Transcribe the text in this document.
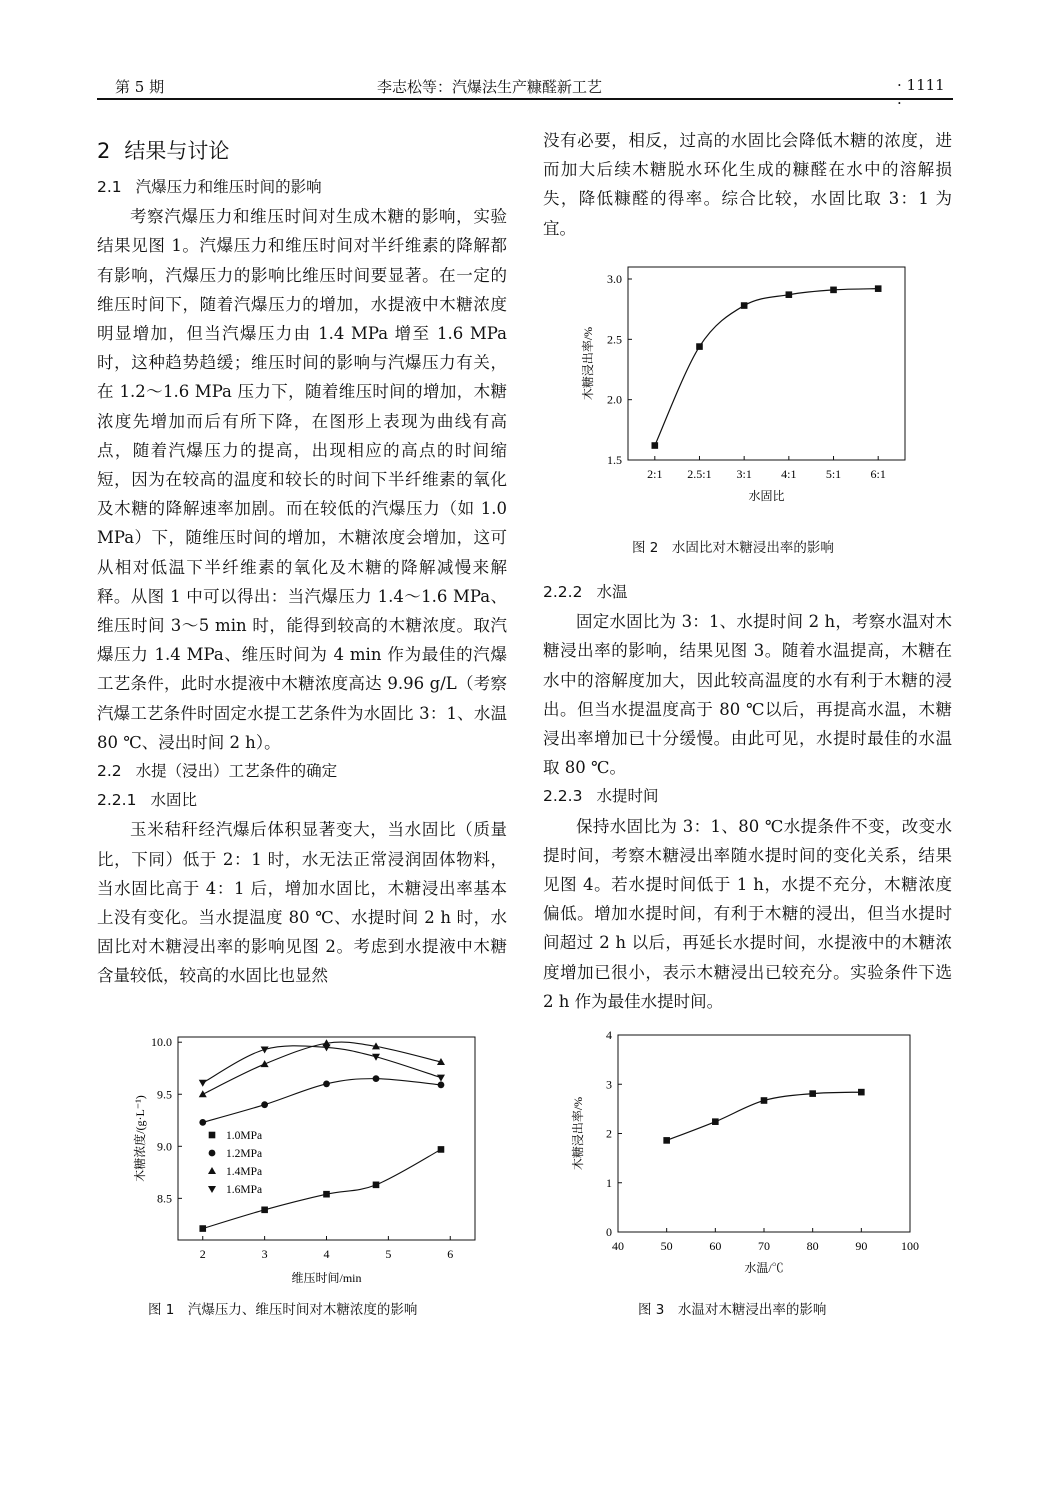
第 5 期	李志松等：汽爆法生产糠醛新工艺	· 1111 ·

2 结果与讨论

2.1 汽爆压力和维压时间的影响

考察汽爆压力和维压时间对生成木糖的影响，实验结果见图 1。汽爆压力和维压时间对半纤维素的降解都有影响，汽爆压力的影响比维压时间要显著。在一定的维压时间下，随着汽爆压力的增加，水提液中木糖浓度明显增加，但当汽爆压力由 1.4 MPa 增至 1.6 MPa 时，这种趋势趋缓；维压时间的影响与汽爆压力有关，在 1.2～1.6 MPa 压力下，随着维压时间的增加，木糖浓度先增加而后有所下降，在图形上表现为曲线有高点，随着汽爆压力的提高，出现相应的高点的时间缩短，因为在较高的温度和较长的时间下半纤维素的氧化及木糖的降解速率加剧。而在较低的汽爆压力（如 1.0 MPa）下，随维压时间的增加，木糖浓度会增加，这可从相对低温下半纤维素的氧化及木糖的降解减慢来解释。从图 1 中可以得出：当汽爆压力 1.4～1.6 MPa、维压时间 3～5 min 时，能得到较高的木糖浓度。取汽爆压力 1.4 MPa、维压时间为 4 min 作为最佳的汽爆工艺条件，此时水提液中木糖浓度高达 9.96 g/L（考察汽爆工艺条件时固定水提工艺条件为水固比 3：1、水温 80 ℃、浸出时间 2 h）。

2.2 水提（浸出）工艺条件的确定

2.2.1 水固比

玉米秸秆经汽爆后体积显著变大，当水固比（质量比，下同）低于 2：1 时，水无法正常浸润固体物料，当水固比高于 4：1 后，增加水固比，木糖浸出率基本上没有变化。当水提温度 80 ℃、水提时间 2 h 时，水固比对木糖浸出率的影响见图 2。考虑到水提液中木糖含量较低，较高的水固比也显然

没有必要，相反，过高的水固比会降低木糖的浓度，进而加大后续木糖脱水环化生成的糠醛在水中的溶解损失，降低糠醛的得率。综合比较，水固比取 3：1 为宜。

2:1 2.5:1 3:1 4:1 5:1 6:1
1.5
2.0
2.5
3.0
水固比
木糖浸出率/%
图 2　水固比对木糖浸出率的影响

2.2.2 水温

固定水固比为 3：1、水提时间 2 h，考察水温对木糖浸出率的影响，结果见图 3。随着水温提高，木糖在水中的溶解度加大，因此较高温度的水有利于木糖的浸出。但当水提温度高于 80 ℃以后，再提高水温，木糖浸出率增加已十分缓慢。由此可见，水提时最佳的水温取 80 ℃。

2.2.3 水提时间

保持水固比为 3：1、80 ℃水提条件不变，改变水提时间，考察木糖浸出率随水提时间的变化关系，结果见图 4。若水提时间低于 1 h，水提不充分，木糖浓度偏低。增加水提时间，有利于木糖的浸出，但当水提时间超过 2 h 以后，再延长水提时间，水提液中的木糖浓度增加已很小，表示木糖浸出已较充分。实验条件下选 2 h 作为最佳水提时间。

2	3	4	5	6
8.5
9.0
9.5
10.0
1.0MPa
1.2MPa
1.4MPa
1.6MPa
维压时间/min
木糖浓度/(g·L⁻¹)
图 1　汽爆压力、维压时间对木糖浓度的影响
40	50	60	70	80	90	100
0
1
2
3
4
水温/℃
木糖浸出率/%
图 3　水温对木糖浸出率的影响
